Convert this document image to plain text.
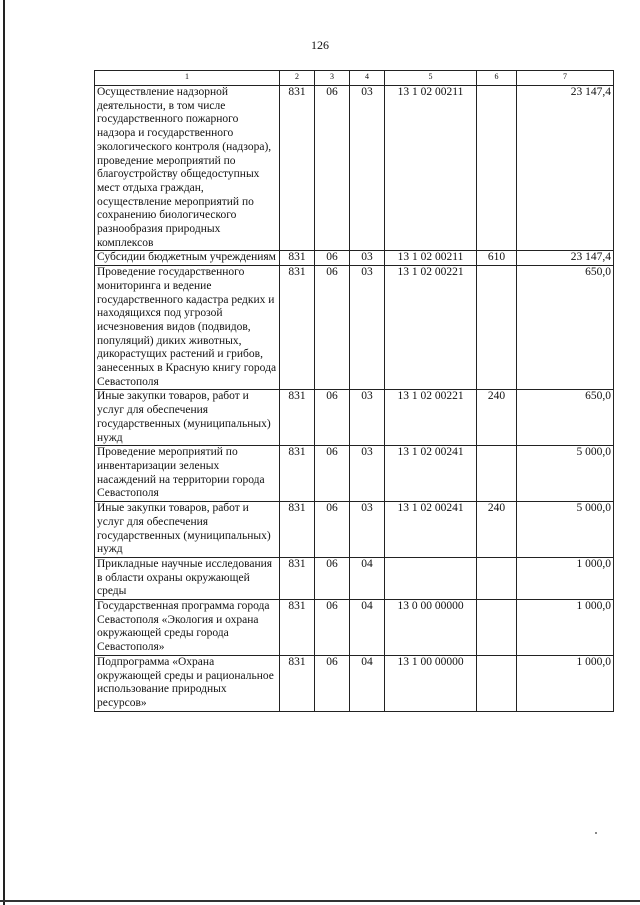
126
1	2	3	4	5	6	7
Осуществление надзорной деятельности, в том числе государственного пожарного надзора и государственного экологического контроля (надзора), проведение мероприятий по благоустройству общедоступных мест отдыха граждан, осуществление мероприятий по сохранению биологического разнообразия природных комплексов	831	06	03	13 1 02 00211		23 147,4
Субсидии бюджетным учреждениям	831	06	03	13 1 02 00211	610	23 147,4
Проведение государственного мониторинга и ведение государственного кадастра редких и находящихся под угрозой исчезновения видов (подвидов, популяций) диких животных, дикорастущих растений и грибов, занесенных в Красную книгу города Севастополя	831	06	03	13 1 02 00221		650,0
Иные закупки товаров, работ и услуг для обеспечения государственных (муниципальных) нужд	831	06	03	13 1 02 00221	240	650,0
Проведение мероприятий по инвентаризации зеленых насаждений на территории города Севастополя	831	06	03	13 1 02 00241		5 000,0
Иные закупки товаров, работ и услуг для обеспечения государственных (муниципальных) нужд	831	06	03	13 1 02 00241	240	5 000,0
Прикладные научные исследования в области охраны окружающей среды	831	06	04			1 000,0
Государственная программа города Севастополя «Экология и охрана окружающей среды города Севастополя»	831	06	04	13 0 00 00000		1 000,0
Подпрограмма «Охрана окружающей среды и рациональное использование природных ресурсов»	831	06	04	13 1 00 00000		1 000,0
